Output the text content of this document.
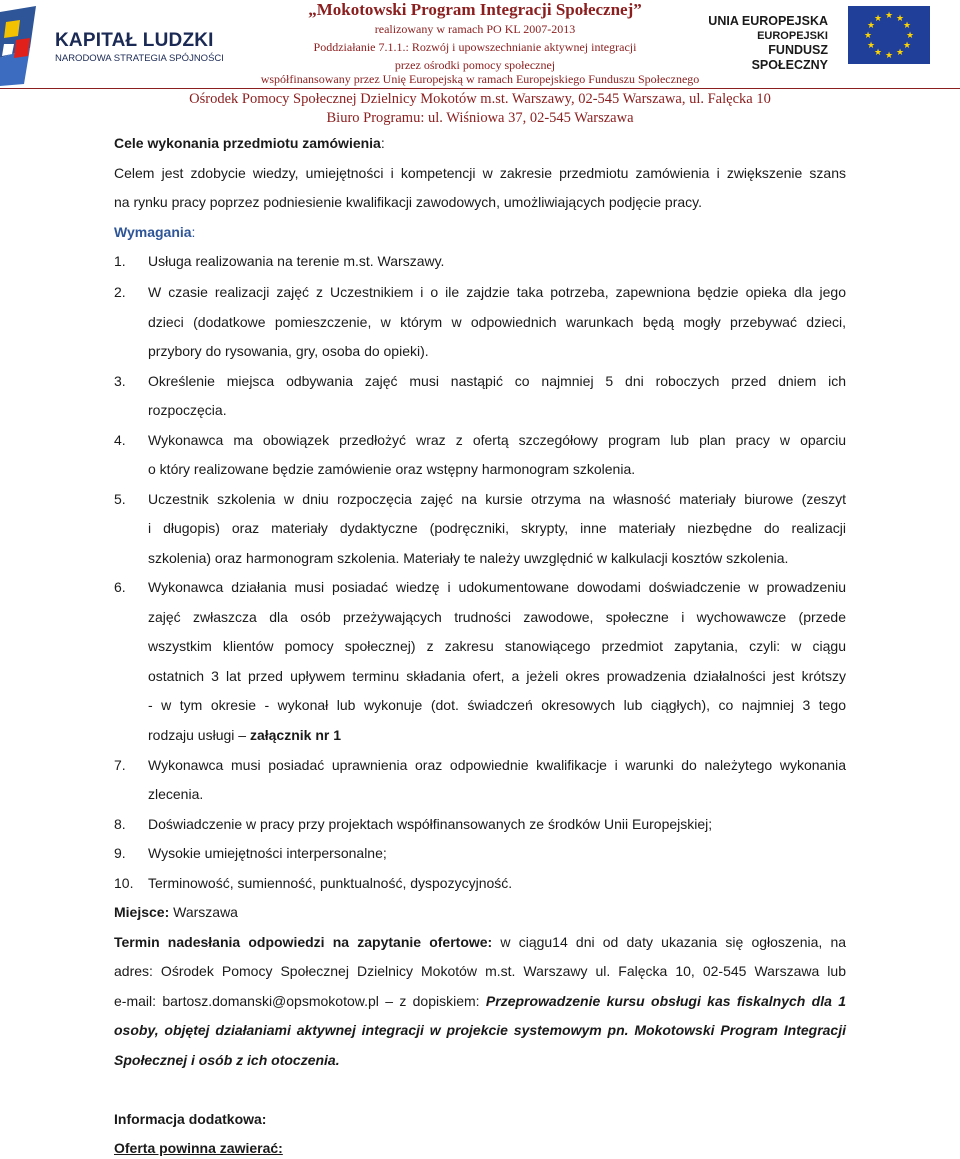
KAPITAŁ LUDZKI
NARODOWA STRATEGIA SPÓJNOŚCI
„Mokotowski Program Integracji Społecznej”
realizowany w ramach PO KL 2007-2013
Poddziałanie 7.1.1.: Rozwój i upowszechnianie aktywnej integracji
przez ośrodki pomocy społecznej
współfinansowany przez Unię Europejską w ramach Europejskiego Funduszu Społecznego
UNIA EUROPEJSKA
EUROPEJSKI
FUNDUSZ SPOŁECZNY
★ ★
★
★
★
★
★
★
★
★
★
★
Ośrodek Pomocy Społecznej Dzielnicy Mokotów m.st. Warszawy, 02-545 Warszawa, ul. Falęcka 10
Biuro Programu: ul. Wiśniowa 37, 02-545 Warszawa
Cele wykonania przedmiotu zamówienia:
Celem jest zdobycie wiedzy, umiejętności i kompetencji w zakresie przedmiotu zamówienia i zwiększenie szans
na rynku pracy poprzez podniesienie kwalifikacji zawodowych, umożliwiających podjęcie pracy.
Wymagania:
1. Usługa realizowania na terenie m.st. Warszawy.
2. W czasie realizacji zajęć z Uczestnikiem i o ile zajdzie taka potrzeba, zapewniona będzie opieka dla jego
dzieci (dodatkowe pomieszczenie, w którym w odpowiednich warunkach będą mogły przebywać dzieci,
przybory do rysowania, gry, osoba do opieki).
3. Określenie miejsca odbywania zajęć musi nastąpić co najmniej 5 dni roboczych przed dniem ich
rozpoczęcia.
4. Wykonawca ma obowiązek przedłożyć wraz z ofertą szczegółowy program lub plan pracy w oparciu
o który realizowane będzie zamówienie oraz wstępny harmonogram szkolenia.
5. Uczestnik szkolenia w dniu rozpoczęcia zajęć na kursie otrzyma na własność materiały biurowe (zeszyt
i długopis) oraz materiały dydaktyczne (podręczniki, skrypty, inne materiały niezbędne do realizacji
szkolenia) oraz harmonogram szkolenia. Materiały te należy uwzględnić w kalkulacji kosztów szkolenia.
6. Wykonawca działania musi posiadać wiedzę i udokumentowane dowodami doświadczenie w prowadzeniu
zajęć zwłaszcza dla osób przeżywających trudności zawodowe, społeczne i wychowawcze (przede
wszystkim klientów pomocy społecznej) z zakresu stanowiącego przedmiot zapytania, czyli: w ciągu
ostatnich 3 lat przed upływem terminu składania ofert, a jeżeli okres prowadzenia działalności jest krótszy
- w tym okresie - wykonał lub wykonuje (dot. świadczeń okresowych lub ciągłych), co najmniej 3 tego
rodzaju usługi – załącznik nr 1
7. Wykonawca musi posiadać uprawnienia oraz odpowiednie kwalifikacje i warunki do należytego wykonania
zlecenia.
8. Doświadczenie w pracy przy projektach współfinansowanych ze środków Unii Europejskiej;
9. Wysokie umiejętności interpersonalne;
10. Terminowość, sumienność, punktualność, dyspozycyjność.
Miejsce: Warszawa
Termin nadesłania odpowiedzi na zapytanie ofertowe: w ciągu14 dni od daty ukazania się ogłoszenia, na
adres: Ośrodek Pomocy Społecznej Dzielnicy Mokotów m.st. Warszawy ul. Falęcka 10, 02-545 Warszawa lub
e-mail: bartosz.domanski@opsmokotow.pl – z dopiskiem: Przeprowadzenie kursu obsługi kas fiskalnych dla 1
osoby, objętej działaniami aktywnej integracji w projekcie systemowym pn. Mokotowski Program Integracji
Społecznej i osób z ich otoczenia.
Informacja dodatkowa:
Oferta powinna zawierać:
